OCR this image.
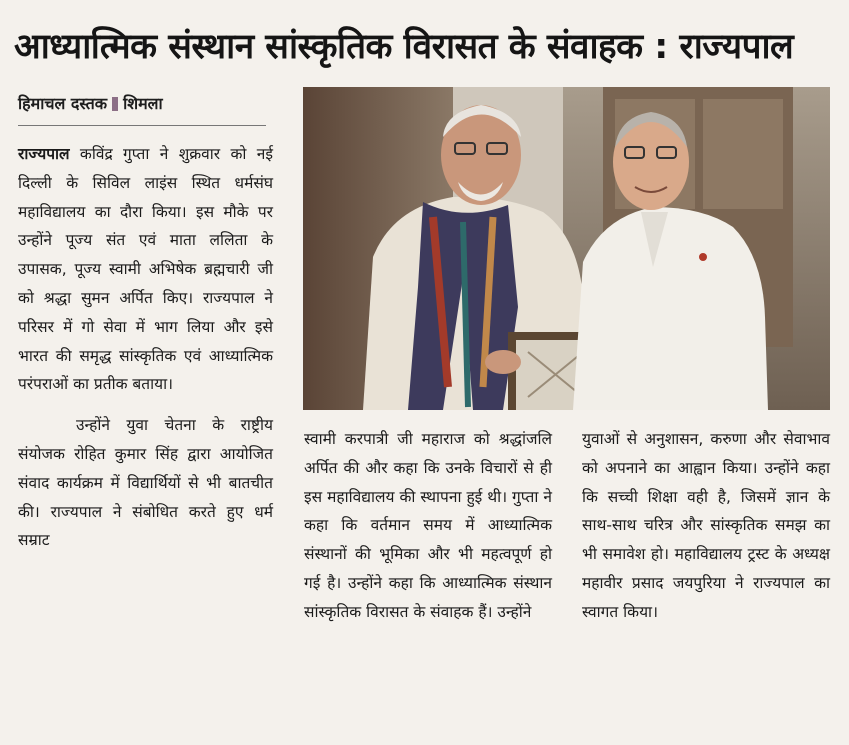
आध्यात्मिक संस्थान सांस्कृतिक विरासत के संवाहक : राज्यपाल
हिमाचल दस्तक शिमला

राज्यपाल कविंद्र गुप्ता ने शुक्रवार को नई दिल्ली के सिविल लाइंस स्थित धर्मसंघ महाविद्यालय का दौरा किया। इस मौके पर उन्होंने पूज्य संत एवं माता ललिता के उपासक, पूज्य स्वामी अभिषेक ब्रह्मचारी जी को श्रद्धा सुमन अर्पित किए। राज्यपाल ने परिसर में गो सेवा में भाग लिया और इसे भारत की समृद्ध सांस्कृतिक एवं आध्यात्मिक परंपराओं का प्रतीक बताया।

उन्होंने युवा चेतना के राष्ट्रीय संयोजक रोहित कुमार सिंह द्वारा आयोजित संवाद कार्यक्रम में विद्यार्थियों से भी बातचीत की। राज्यपाल ने संबोधित करते हुए धर्म सम्राट

स्वामी करपात्री जी महाराज को श्रद्धांजलि अर्पित की और कहा कि उनके विचारों से ही इस महाविद्यालय की स्थापना हुई थी। गुप्ता ने कहा कि वर्तमान समय में आध्यात्मिक संस्थानों की भूमिका और भी महत्वपूर्ण हो गई है। उन्होंने कहा कि आध्यात्मिक संस्थान सांस्कृतिक विरासत के संवाहक हैं। उन्होंने

युवाओं से अनुशासन, करुणा और सेवाभाव को अपनाने का आह्वान किया। उन्होंने कहा कि सच्ची शिक्षा वही है, जिसमें ज्ञान के साथ-साथ चरित्र और सांस्कृतिक समझ का भी समावेश हो। महाविद्यालय ट्रस्ट के अध्यक्ष महावीर प्रसाद जयपुरिया ने राज्यपाल का स्वागत किया।
